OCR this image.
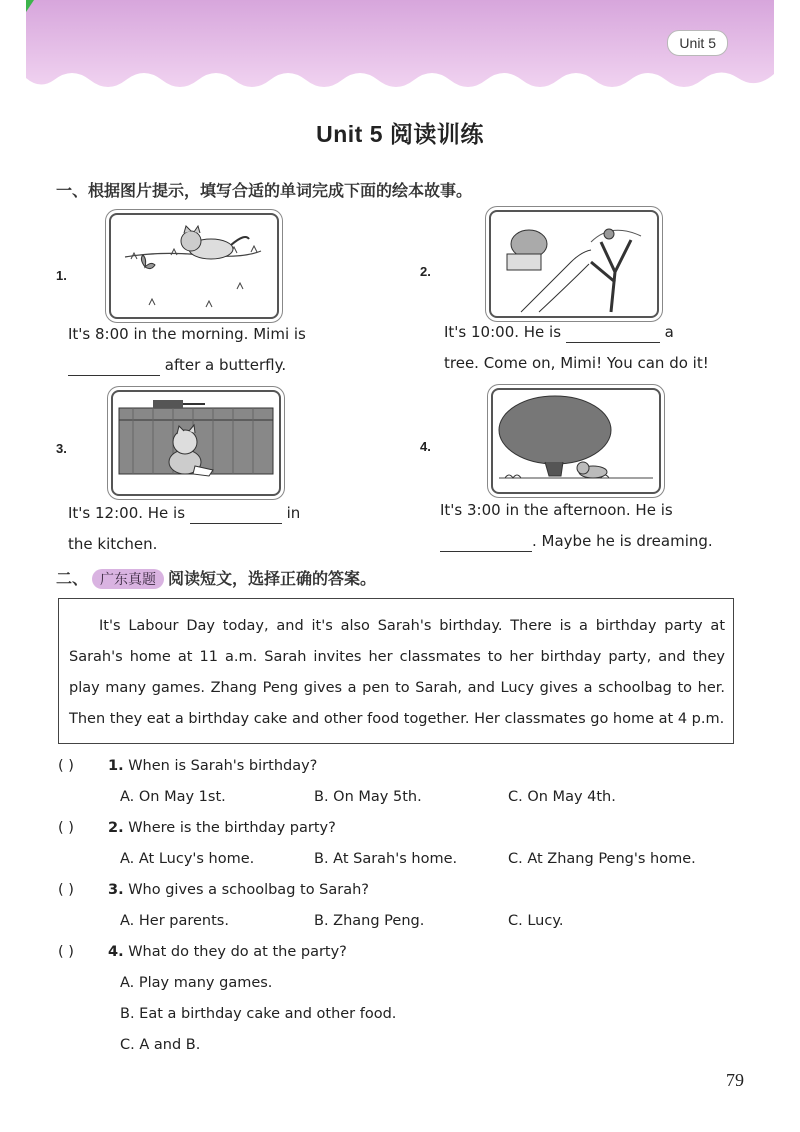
Unit 5
Unit 5 阅读训练
一、根据图片提示，填写合适的单词完成下面的绘本故事。
1.
It's 8:00 in the morning. Mimi is
after a butterfly.
2.
It's 10:00. He is	a
tree. Come on, Mimi! You can do it!
3.
It's 12:00. He is	in
the kitchen.
4.
It's 3:00 in the afternoon. He is
. Maybe he is dreaming.
二、 广东真题 阅读短文，选择正确的答案。

It's Labour Day today, and it's also Sarah's birthday. There is a birthday party at Sarah's home at 11 a.m. Sarah invites her classmates to her birthday party, and they play many games. Zhang Peng gives a pen to Sarah, and Lucy gives a schoolbag to her. Then they eat a birthday cake and other food together. Her classmates go home at 4 p.m.

( ) 1. When is Sarah's birthday?
A. On May 1st.	B. On May 5th.	C. On May 4th.
( ) 2. Where is the birthday party?
A. At Lucy's home.	B. At Sarah's home.	C. At Zhang Peng's home.
( ) 3. Who gives a schoolbag to Sarah?
A. Her parents.	B. Zhang Peng.	C. Lucy.
( ) 4. What do they do at the party?
A. Play many games.
B. Eat a birthday cake and other food.
C. A and B.
79
